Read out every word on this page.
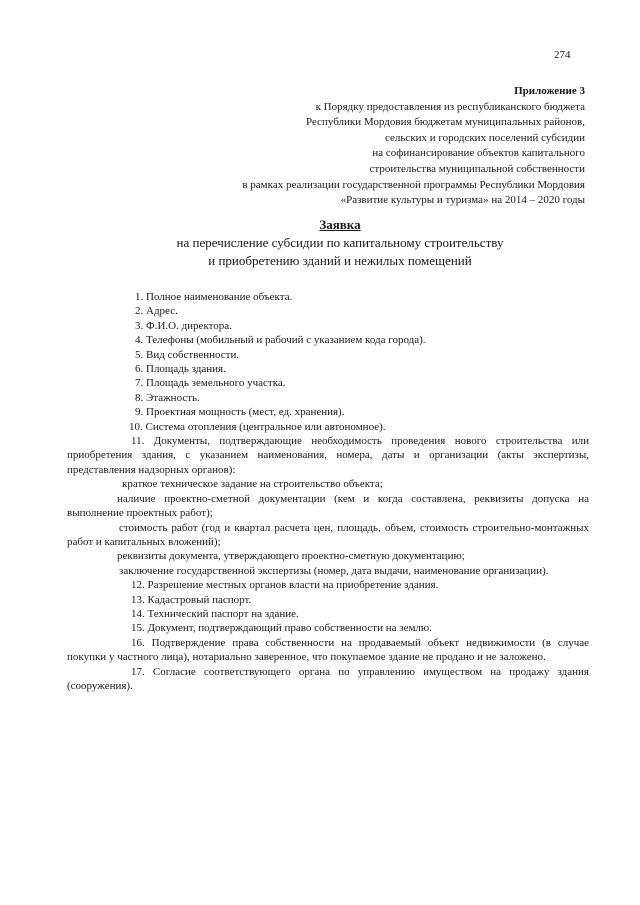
274
Приложение 3
к Порядку предоставления из республиканского бюджета
Республики Мордовия бюджетам муниципальных районов,
сельских и городских поселений субсидии
на софинансирование объектов капитального
строительства муниципальной собственности
в рамках реализации государственной программы Республики Мордовия
«Развитие культуры и туризма» на 2014 – 2020 годы
Заявка
на перечисление субсидии по капитальному строительству
и приобретению зданий и нежилых помещений

1. Полное наименование объекта.

2. Адрес.

3. Ф.И.О. директора.

4. Телефоны (мобильный и рабочий с указанием кода города).

5. Вид собственности.

6. Площадь здания.

7. Площадь земельного участка.

8. Этажность.

9. Проектная мощность (мест, ед. хранения).

10. Система отопления (центральное или автономное).

11. Документы, подтверждающие необходимость проведения нового строительства или приобретения здания, с указанием наименования, номера, даты и организации (акты экспертизы, представления надзорных органов):

краткое техническое задание на строительство объекта;

наличие проектно-сметной документации (кем и когда составлена, реквизиты допуска на выполнение проектных работ);

стоимость работ (год и квартал расчета цен, площадь, объем, стоимость строительно-монтажных работ и капитальных вложений);

реквизиты документа, утверждающего проектно-сметную документацию;

заключение государственной экспертизы (номер, дата выдачи, наименование организации).

12. Разрешение местных органов власти на приобретение здания.

13. Кадастровый паспорт.

14. Технический паспорт на здание.

15. Документ, подтверждающий право собственности на землю.

16. Подтверждение права собственности на продаваемый объект недвижимости (в случае покупки у частного лица), нотариально заверенное, что покупаемое здание не продано и не заложено.

17. Согласие соответствующего органа по управлению имуществом на продажу здания (сооружения).
